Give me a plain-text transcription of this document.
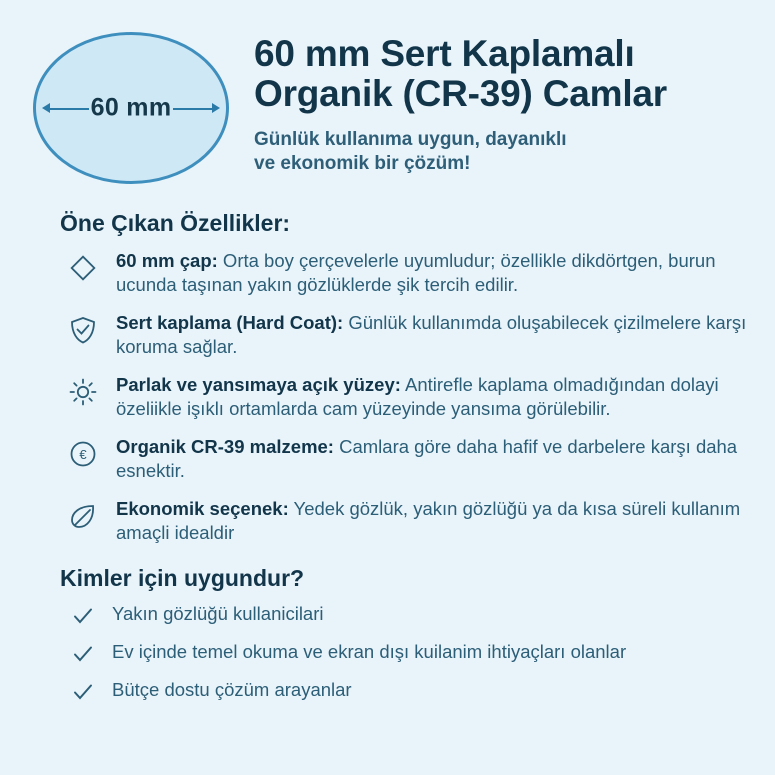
60 mm
60 mm Sert Kaplamalı Organik (CR-39) Camlar

Günlük kullanıma uygun, dayanıklı ve ekonomik bir çözüm!

Öne Çıkan Özellikler:
60 mm çap: Orta boy çerçevelerle uyumludur; özellikle dikdörtgen, burun ucunda taşınan yakın gözlüklerde şik tercih edilir.
Sert kaplama (Hard Coat): Günlük kullanımda oluşabilecek çizilmelere karşı koruma sağlar.
Parlak ve yansımaya açık yüzey: Antirefle kaplama olmadığından dolayi özeliikle işıklı ortamlarda cam yüzeyinde yansıma görülebilir.
€ Organik CR-39 malzeme: Camlara göre daha hafif ve darbelere karşı daha esnektir.
Ekonomik seçenek: Yedek gözlük, yakın gözlüğü ya da kısa süreli kullanım amaçli idealdir
Kimler için uygundur?
Yakın gözlüğü kullanicilari
Ev içinde temel okuma ve ekran dışı kuilanim ihtiyaçları olanlar
Bütçe dostu çözüm arayanlar
